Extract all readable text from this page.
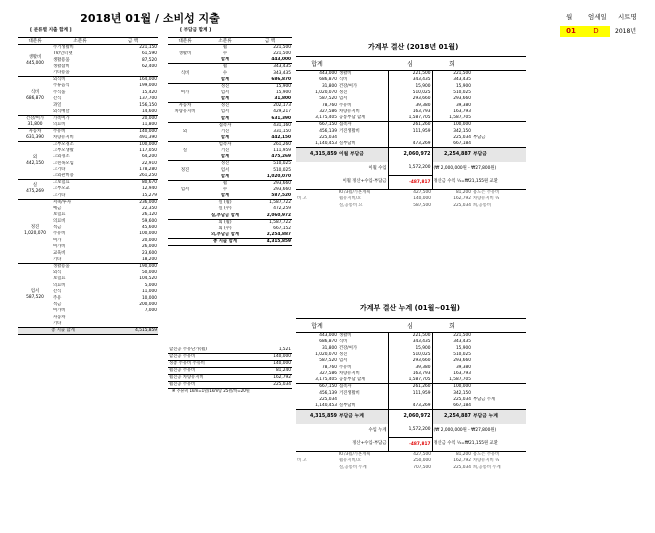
2018년 01월 / 소비성 지출	월 엄세일 시트명
01	D	2018년
[ 분류별 지출 합계 ]
대분류	소분류	금 액

생활비
445,000	주거생활비	221,150
	TV/인터넷	61,590
	생활용품	87,520
	생활잡비	62,400
	기타용품	

식비
686,870	외식비	164,000
	주류음식	199,000
	주식품	15,420
	간식	137,700
	과일	156,150
	외식배달	14,600

건강/여가
31,800	가족여가	20,000
	의료비	11,800

자동차
631,390	주유비	140,000
	차량유지비	491,390

외
442,150	그부모경조	100,000
	그부모생활	117,050
	그외경조	64,200
	그친목모임	22,910
	그기타	178,280
	그외관비용	261,250

실
475,269	그보험료	80,670
	그부모교	12,940
	그기타	15,279

정진
1,020,070	저축/투자	236,000
	예금	22,350
	보험료	26,120
	의료비	59,600
	적금	45,600
	주유비	100,000
	여가	20,000
	여가비	26,000
	교육비	23,600
	기타	18,200

엄서
587,520	생활용품	190,000
	외식	50,000
	보험료	104,520
	의료비	5,000
	간식	11,000
	주유	10,000
	적금	200,000
	여가비	7,000
	자동차	
	기타	
총 지출 합계		4,515,859
[ 부담금 합계 ]
대분류	소분류	금 액
	월	221,500
생활비	수	221,500
	합계	443,000
	월	343,435
식비	수	343,435
	합계	686,870
	정진	15,900
여가	엄서	15,900
	합계	31,800
자동차	정진	202,173
차량유지비	엄서	429,217
	합계	631,390
	접촉자	431,160
외	거진	331,150
	합계	442,150
	엄촉자	261,260
실	거진	111,959
	합계	475,269
	정진	510,025
정진	엄서	510,025
	합계	1,020,070
	월	293,660
엄서	수	293,660
	합계	587,520
	실 (월)	1,587,722
	실 (수)	472,259
	실,부담금 합계	2,060,972
	외 (월)	1,587,722
	외 (수)	667,152
	외,부담금 합계	2,254,887
	총 지출 합계	4,315,859
합진공 주유단가(월)	1,521
합진공 주유비	140,000
정총 주유비 주유비	140,000
월진공 주유비	81,240
월진공 차량유지비	162,792
월진공 주유비	225,034
※ 주유비 1km=1원/1km당 25원/차=20원
가계부 결산 (2018년 01월)
합계		심	희	
443,000	생활비	221,500	221,500	
686,870	식비	343,435	343,435	
31,800	건강/여가	15,900	15,900	
1,020,070	정진	510,025	510,025	
587,520	엄서	293,660	293,660	
78,760	주유비	39,380	39,380	
327,586	차량유지비	163,793	163,793	
3,175,405	공통부담 합계	1,587,705	1,587,705	
667,150	접촉자	261,260	100,000	
456,139	거진생활비	111,959	342,150	
225,034			225,034	부담금
1,140,453	실부담비	473,269	667,184	
4,315,859	이월 부담금	2,060,972	2,254,887	부담금
	이월 수입	1,572,200	(₩ 2,000,000원 - ₩27,800원)	
	이월 정산+수입-부담금	-487,817	정산금 수익 ½=₩21,155원 교환	
	KT/3월/가혼계획	427,500	81,200	용도은 주유비
비 고	월유지비/요	140,000	162,792	차량유지비 ½
	실,공통비 요	587,500	225,034	희,공통비
가계부 결산 누계 (01월~01월)
합계		심	희	
443,000	생활비	221,500	221,500	
686,870	식비	343,435	343,435	
31,800	건강/여가	15,900	15,900	
1,020,070	정진	510,025	510,025	
587,520	엄서	293,660	293,660	
78,760	주유비	39,380	39,380	
327,586	차량유지비	163,793	163,793	
3,175,405	공통부담 합계	1,587,705	1,587,705	
667,150	접촉자	261,260	100,000	
456,139	거진생활비	111,959	342,150	
225,034			225,034	부담금 누계
1,140,453	실부담비	473,269	667,184	
4,315,859	부담금 누계	2,060,972	2,254,887	부담금 누계
	수입 누계	1,572,200	(₩ 2,000,000원 - ₩27,800원)	
	정산+수입-부담금	-487,817	정산금 수익 ½=₩21,155원 교환	
	KT/3월/가혼계획	427,500	81,200	용도은 주유비
비 고	월유지비/요	250,000	162,792	차량유지비 ½
	실,공통비 누계	707,500	225,034	희,공통비 누계
